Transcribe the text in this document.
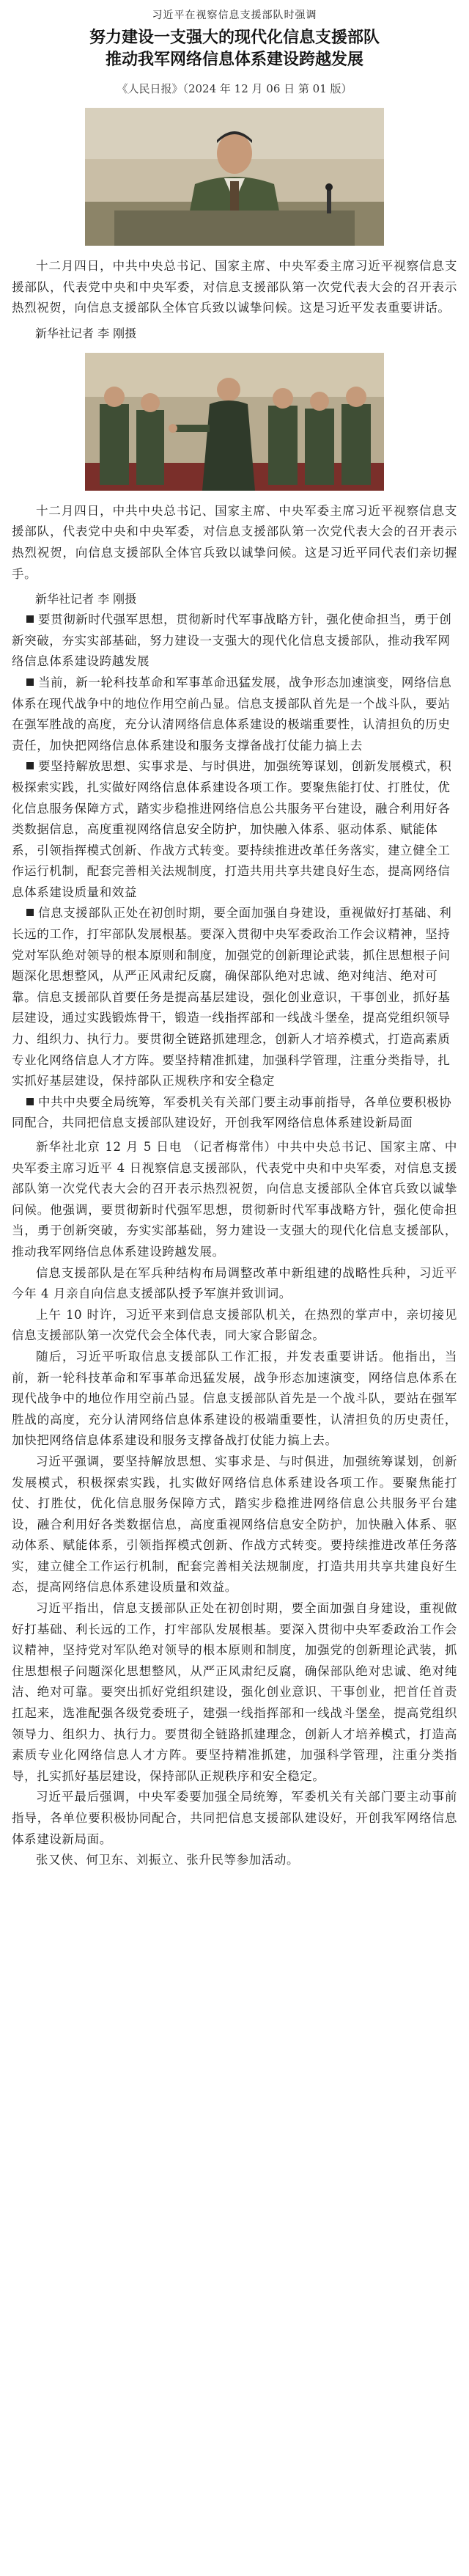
习近平在视察信息支援部队时强调
努力建设一支强大的现代化信息支援部队
推动我军网络信息体系建设跨越发展
《人民日报》（2024 年 12 月 06 日 第 01 版）

十二月四日，中共中央总书记、国家主席、中央军委主席习近平视察信息支援部队，代表党中央和中央军委，对信息支援部队第一次党代表大会的召开表示热烈祝贺，向信息支援部队全体官兵致以诚挚问候。这是习近平发表重要讲话。

新华社记者 李 刚摄

十二月四日，中共中央总书记、国家主席、中央军委主席习近平视察信息支援部队，代表党中央和中央军委，对信息支援部队第一次党代表大会的召开表示热烈祝贺，向信息支援部队全体官兵致以诚挚问候。这是习近平同代表们亲切握手。

新华社记者 李 刚摄

要贯彻新时代强军思想，贯彻新时代军事战略方针，强化使命担当，勇于创新突破，夯实实部基础，努力建设一支强大的现代化信息支援部队，推动我军网络信息体系建设跨越发展

当前，新一轮科技革命和军事革命迅猛发展，战争形态加速演变，网络信息体系在现代战争中的地位作用空前凸显。信息支援部队首先是一个战斗队，要站在强军胜战的高度，充分认清网络信息体系建设的极端重要性，认清担负的历史责任，加快把网络信息体系建设和服务支撑备战打仗能力搞上去

要坚持解放思想、实事求是、与时俱进，加强统筹谋划，创新发展模式，积极探索实践，扎实做好网络信息体系建设各项工作。要聚焦能打仗、打胜仗，优化信息服务保障方式，踏实步稳推进网络信息公共服务平台建设，融合利用好各类数据信息，高度重视网络信息安全防护，加快融入体系、驱动体系、赋能体系，引领指挥模式创新、作战方式转变。要持续推进改革任务落实，建立健全工作运行机制，配套完善相关法规制度，打造共用共享共建良好生态，提高网络信息体系建设质量和效益

信息支援部队正处在初创时期，要全面加强自身建设，重视做好打基础、利长远的工作，打牢部队发展根基。要深入贯彻中央军委政治工作会议精神，坚持党对军队绝对领导的根本原则和制度，加强党的创新理论武装，抓住思想根子问题深化思想整风，从严正风肃纪反腐，确保部队绝对忠诚、绝对纯洁、绝对可靠。信息支援部队首要任务是提高基层建设，强化创业意识，干事创业，抓好基层建设，通过实践锻炼骨干，锻造一线指挥部和一线战斗堡垒，提高党组织领导力、组织力、执行力。要贯彻全链路抓建理念，创新人才培养模式，打造高素质专业化网络信息人才方阵。要坚持精准抓建，加强科学管理，注重分类指导，扎实抓好基层建设，保持部队正规秩序和安全稳定

中共中央要全局统筹，军委机关有关部门要主动事前指导，各单位要积极协同配合，共同把信息支援部队建设好，开创我军网络信息体系建设新局面

新华社北京 12 月 5 日电 （记者梅常伟）中共中央总书记、国家主席、中央军委主席习近平 4 日视察信息支援部队，代表党中央和中央军委，对信息支援部队第一次党代表大会的召开表示热烈祝贺，向信息支援部队全体官兵致以诚挚问候。他强调，要贯彻新时代强军思想，贯彻新时代军事战略方针，强化使命担当，勇于创新突破，夯实实部基础，努力建设一支强大的现代化信息支援部队，推动我军网络信息体系建设跨越发展。

信息支援部队是在军兵种结构布局调整改革中新组建的战略性兵种，习近平今年 4 月亲自向信息支援部队授予军旗并致训词。

上午 10 时许，习近平来到信息支援部队机关，在热烈的掌声中，亲切接见信息支援部队第一次党代会全体代表，同大家合影留念。

随后，习近平听取信息支援部队工作汇报，并发表重要讲话。他指出，当前，新一轮科技革命和军事革命迅猛发展，战争形态加速演变，网络信息体系在现代战争中的地位作用空前凸显。信息支援部队首先是一个战斗队，要站在强军胜战的高度，充分认清网络信息体系建设的极端重要性，认清担负的历史责任，加快把网络信息体系建设和服务支撑备战打仗能力搞上去。

习近平强调，要坚持解放思想、实事求是、与时俱进，加强统筹谋划，创新发展模式，积极探索实践，扎实做好网络信息体系建设各项工作。要聚焦能打仗、打胜仗，优化信息服务保障方式，踏实步稳推进网络信息公共服务平台建设，融合利用好各类数据信息，高度重视网络信息安全防护，加快融入体系、驱动体系、赋能体系，引领指挥模式创新、作战方式转变。要持续推进改革任务落实，建立健全工作运行机制，配套完善相关法规制度，打造共用共享共建良好生态，提高网络信息体系建设质量和效益。

习近平指出，信息支援部队正处在初创时期，要全面加强自身建设，重视做好打基础、利长远的工作，打牢部队发展根基。要深入贯彻中央军委政治工作会议精神，坚持党对军队绝对领导的根本原则和制度，加强党的创新理论武装，抓住思想根子问题深化思想整风，从严正风肃纪反腐，确保部队绝对忠诚、绝对纯洁、绝对可靠。要突出抓好党组织建设，强化创业意识、干事创业，把首任首责扛起来，选准配强各级党委班子，建强一线指挥部和一线战斗堡垒，提高党组织领导力、组织力、执行力。要贯彻全链路抓建理念，创新人才培养模式，打造高素质专业化网络信息人才方阵。要坚持精准抓建，加强科学管理，注重分类指导，扎实抓好基层建设，保持部队正规秩序和安全稳定。

习近平最后强调，中央军委要加强全局统筹，军委机关有关部门要主动事前指导，各单位要积极协同配合，共同把信息支援部队建设好，开创我军网络信息体系建设新局面。

张又侠、何卫东、刘振立、张升民等参加活动。
